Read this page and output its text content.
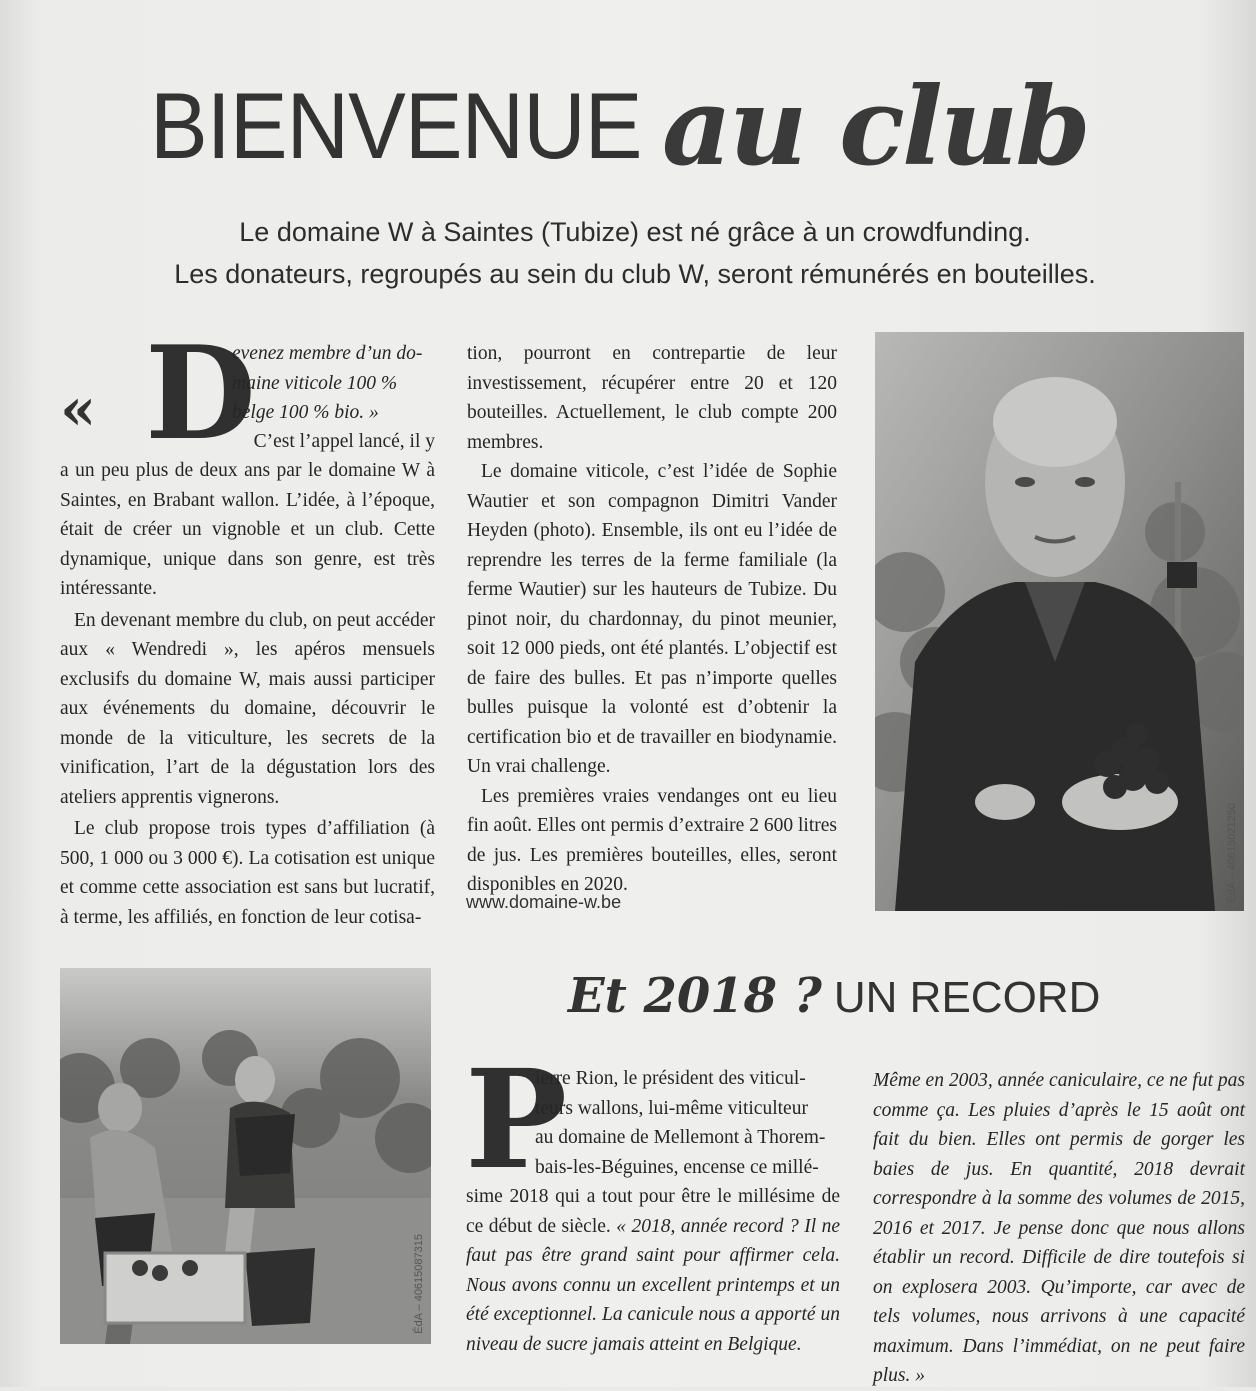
BIENVENUE au club
Le domaine W à Saintes (Tubize) est né grâce à un crowdfunding.
Les donateurs, regroupés au sein du club W, seront rémunérés en bouteilles.
« D
evenez membre d’un do-
maine viticole 100 %
belge 100 % bio. »
C’est l’appel lancé, il y

a un peu plus de deux ans par le domaine W à Saintes, en Brabant wallon. L’idée, à l’époque, était de créer un vignoble et un club. Cette dynamique, unique dans son genre, est très intéressante.

En devenant membre du club, on peut accéder aux « Wendredi », les apéros mensuels exclusifs du domaine W, mais aussi participer aux événements du domaine, découvrir le monde de la viticulture, les secrets de la vinification, l’art de la dégustation lors des ateliers apprentis vignerons.

Le club propose trois types d’affiliation (à 500, 1 000 ou 3 000 €). La cotisation est unique et comme cette association est sans but lucratif, à terme, les affiliés, en fonction de leur cotisa-

tion, pourront en contrepartie de leur investissement, récupérer entre 20 et 120 bouteilles. Actuellement, le club compte 200 membres.

Le domaine viticole, c’est l’idée de Sophie Wautier et son compagnon Dimitri Vander Heyden (photo). Ensemble, ils ont eu l’idée de reprendre les terres de la ferme familiale (la ferme Wautier) sur les hauteurs de Tubize. Du pinot noir, du chardonnay, du pinot meunier, soit 12 000 pieds, ont été plantés. L’objectif est de faire des bulles. Et pas n’importe quelles bulles puisque la volonté est d’obtenir la certification bio et de travailler en biodynamie. Un vrai challenge.

Les premières vraies vendanges ont eu lieu fin août. Elles ont permis d’extraire 2 600 litres de jus. Les premières bouteilles, elles, seront disponibles en 2020.

www.domaine-w.be	ÉdA – 40615021250
ÉdA – 40615087315
Et 2018 ? UN RECORD
P
ierre Rion, le président des viticul-
teurs wallons, lui-même viticulteur
au domaine de Mellemont à Thorem-
bais-les-Béguines, encense ce millé-
sime 2018 qui a tout pour être le millésime de ce début de siècle. « 2018, année record ? Il ne faut pas être grand saint pour affirmer cela. Nous avons connu un excellent printemps et un été exceptionnel. La canicule nous a apporté un niveau de sucre jamais atteint en Belgique.
Même en 2003, année caniculaire, ce ne fut pas comme ça. Les pluies d’après le 15 août ont fait du bien. Elles ont permis de gorger les baies de jus. En quantité, 2018 devrait correspondre à la somme des volumes de 2015, 2016 et 2017. Je pense donc que nous allons établir un record. Difficile de dire toutefois si on explosera 2003. Qu’importe, car avec de tels volumes, nous arrivons à une capacité maximum. Dans l’immédiat, on ne peut faire plus. »
